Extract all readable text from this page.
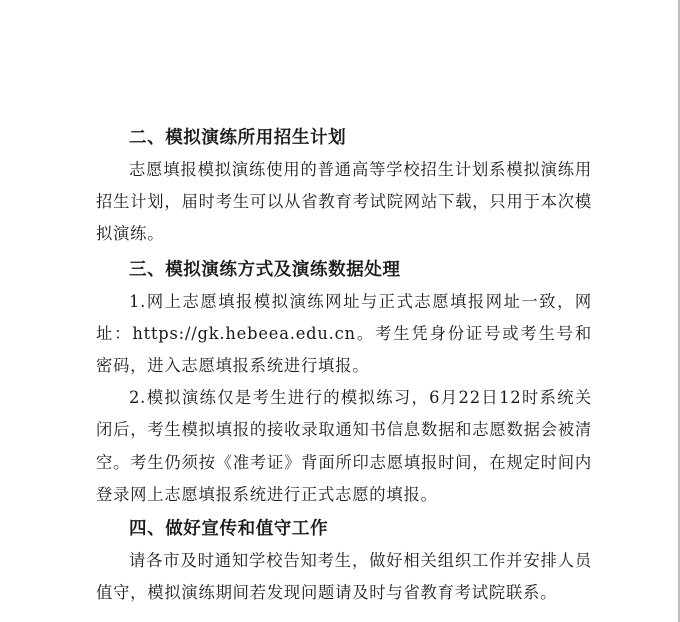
二、模拟演练所用招生计划

志愿填报模拟演练使用的普通高等学校招生计划系模拟演练用招生计划，届时考生可以从省教育考试院网站下载，只用于本次模拟演练。

三、模拟演练方式及演练数据处理

1.网上志愿填报模拟演练网址与正式志愿填报网址一致，网址：https://gk.hebeea.edu.cn。考生凭身份证号或考生号和密码，进入志愿填报系统进行填报。

2.模拟演练仅是考生进行的模拟练习，6月22日12时系统关闭后，考生模拟填报的接收录取通知书信息数据和志愿数据会被清空。考生仍须按《准考证》背面所印志愿填报时间，在规定时间内登录网上志愿填报系统进行正式志愿的填报。

四、做好宣传和值守工作

请各市及时通知学校告知考生，做好相关组织工作并安排人员值守，模拟演练期间若发现问题请及时与省教育考试院联系。
